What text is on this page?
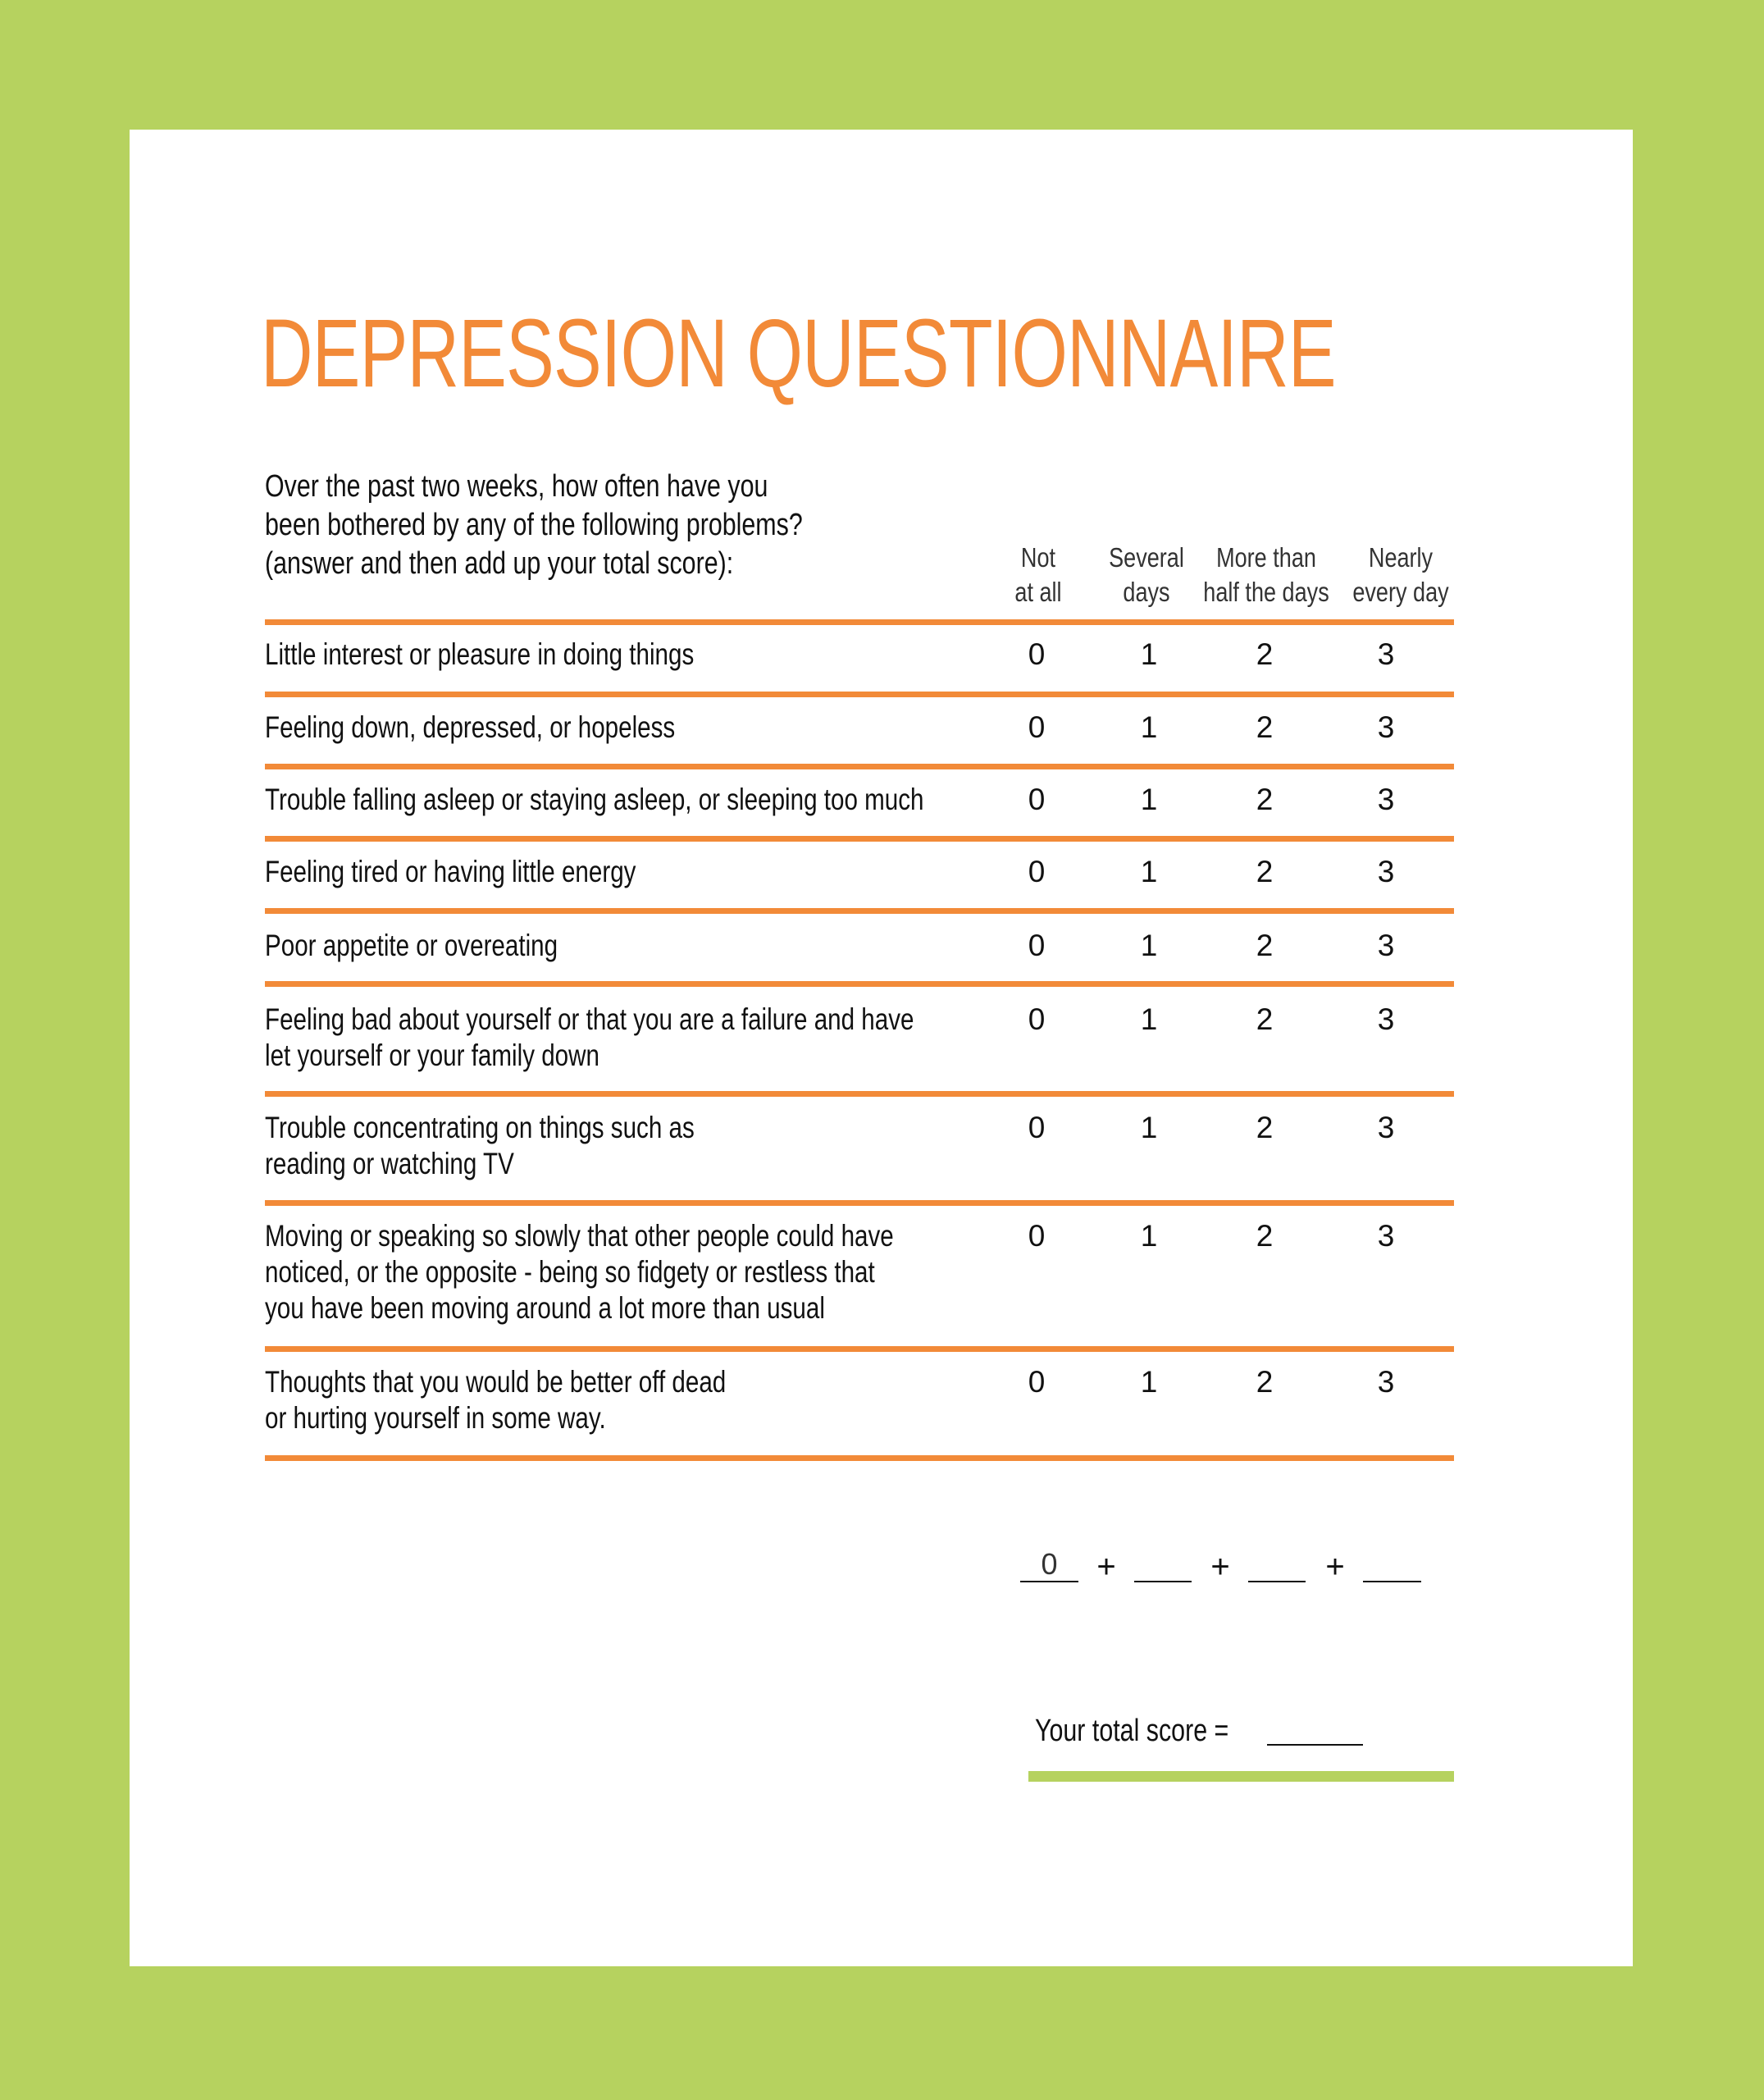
DEPRESSION QUESTIONNAIRE
Over the past two weeks, how often have you
been bothered by any of the following problems?
(answer and then add up your total score):	Not
at all
Several
days
More than
half the days
Nearly
every day
Little interest or pleasure in doing things	0	1	2	3
Feeling down, depressed, or hopeless	0	1	2	3
Trouble falling asleep or staying asleep, or sleeping too much	0	1	2	3
Feeling tired or having little energy	0	1	2	3
Poor appetite or overeating	0	1	2	3
Feeling bad about yourself or that you are a failure and have
let yourself or your family down
0	1	2	3
Trouble concentrating on things such as
reading or watching TV
0	1	2	3
Moving or speaking so slowly that other people could have
noticed, or the opposite - being so fidgety or restless that
you have been moving around a lot more than usual
0	1	2	3
Thoughts that you would be better off dead
or hurting yourself in some way.
0	1	2	3
0	+	+	+
Your total score =
